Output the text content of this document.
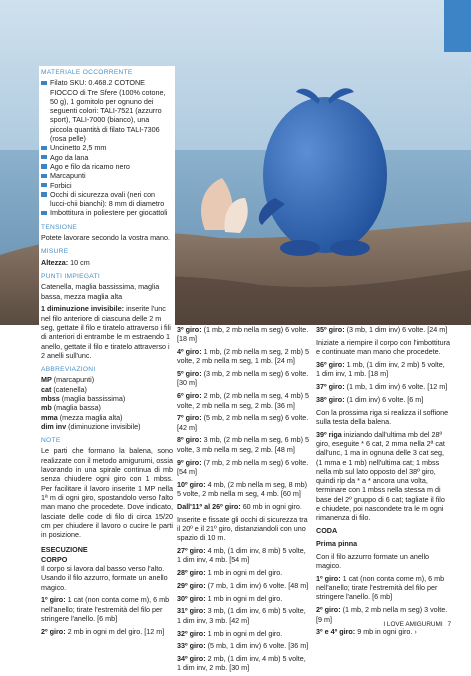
MATERIALE OCCORRENTE
Filato SKU: 0.468.2 COTONE FIOCCO di Tre Sfere (100% cotone, 50 g), 1 gomitolo per ognuno dei seguenti colori: TALI-7521 (azzurro sport), TALI-7000 (bianco), una piccola quantità di filato TALI-7306 (rosa pelle)
Uncinetto 2,5 mm
Ago da lana
Ago e filo da ricamo nero
Marcapunti
Forbici
Occhi di sicurezza ovali (neri con lucci-chii bianchi): 8 mm di diametro
Imbottitura in poliestere per giocattoli
TENSIONE

Potete lavorare secondo la vostra mano.

MISURE

Altezza: 10 cm

PUNTI IMPIEGATI

Catenella, maglia bassissima, maglia bassa, mezza maglia alta

1 diminuzione invisibile: inserite l'unc nel filo anteriore di ciascuna delle 2 m seg, gettate il filo e tiratelo attraverso i fili di anteriori di entrambe le m estraendo 1 anello, gettate il filo e tiratelo attraverso i 2 anelli sull'unc.

ABBREVIAZIONI
MP (marcapunti)
cat (catenella)
mbss (maglia bassissima)
mb (maglia bassa)
mma (mezza maglia alta)
dim inv (diminuzione invisibile)
NOTE

Le parti che formano la balena, sono realizzate con il metodo amigurumi, ossia lavorando in una spirale continua di mb senza chiudere ogni giro con 1 mbss. Per facilitare il lavoro inserite 1 MP nella 1ª m di ogni giro, spostandolo verso l'alto man mano che procedete. Dove indicato, lasciate delle code di filo di circa 15/20 cm per chiudere il lavoro o cucire le parti in posizione.

ESECUZIONE
CORPO

Il corpo si lavora dal basso verso l'alto. Usando il filo azzurro, formate un anello magico.

1º giro: 1 cat (non conta come m), 6 mb nell'anello; tirate l'estremità del filo per stringere l'anello. [6 mb]

2º giro: 2 mb in ogni m del giro. [12 m]

3º giro: (1 mb, 2 mb nella m seg) 6 volte. [18 m]

4º giro: 1 mb, (2 mb nella m seg, 2 mb) 5 volte, 2 mb nella m seg, 1 mb. [24 m]

5º giro: (3 mb, 2 mb nella m seg) 6 volte. [30 m]

6º giro: 2 mb, (2 mb nella m seg, 4 mb) 5 volte, 2 mb nella m seg, 2 mb. [36 m]

7º giro: (5 mb, 2 mb nella m seg) 6 volte. [42 m]

8º giro: 3 mb, (2 mb nella m seg, 6 mb) 5 volte, 3 mb nella m seg, 2 mb. [48 m]

9º giro: (7 mb, 2 mb nella m seg) 6 volte. [54 m]

10º giro: 4 mb, (2 mb nella m seg, 8 mb) 5 volte, 2 mb nella m seg, 4 mb. [60 m]

Dall'11º al 26º giro: 60 mb in ogni giro.

Inserite e fissate gli occhi di sicurezza tra il 20º e il 21º giro, distanziandoli con uno spazio di 10 m.

27º giro: 4 mb, (1 dim inv, 8 mb) 5 volte, 1 dim inv, 4 mb. [54 m]

28º giro: 1 mb in ogni m del giro.

29º giro: (7 mb, 1 dim inv) 6 volte. [48 m]

30º giro: 1 mb in ogni m del giro.

31º giro: 3 mb, (1 dim inv, 6 mb) 5 volte, 1 dim inv, 3 mb. [42 m]

32º giro: 1 mb in ogni m del giro.

33º giro: (5 mb, 1 dim inv) 6 volte. [36 m]

34º giro: 2 mb, (1 dim inv, 4 mb) 5 volte, 1 dim inv, 2 mb. [30 m]

35º giro: (3 mb, 1 dim inv) 6 volte. [24 m]

Iniziate a riempire il corpo con l'imbottitura e continuate man mano che procedete.

36º giro: 1 mb, (1 dim inv, 2 mb) 5 volte, 1 dim inv, 1 mb. [18 m]

37º giro: (1 mb, 1 dim inv) 6 volte. [12 m]

38º giro: (1 dim inv) 6 volte. [6 m]

Con la prossima riga si realizza il soffione sulla testa della balena.

39º riga iniziando dall'ultima mb del 28º giro, eseguite * 6 cat, 2 mma nella 2ª cat dall'unc, 1 ma in ognuna delle 3 cat seg, (1 mma e 1 mb) nell'ultima cat; 1 mbss nella mb sul lato opposto del 38º giro, quindi rip da * a * ancora una volta, terminare con 1 mbss nella stessa m di base del 2º gruppo di 6 cat; tagliate il filo e chiudete, poi nascondete tra le m ogni rimanenza di filo.

CODA

Prima pinna

Con il filo azzurro formate un anello magico.

1º giro: 1 cat (non conta come m), 6 mb nell'anello; tirate l'estremità del filo per stringere l'anello. [6 mb]

2º giro: (1 mb, 2 mb nella m seg) 3 volte. [9 m]

3º e 4º giro: 9 mb in ogni giro. ›

I LOVE AMIGURUMI 7
